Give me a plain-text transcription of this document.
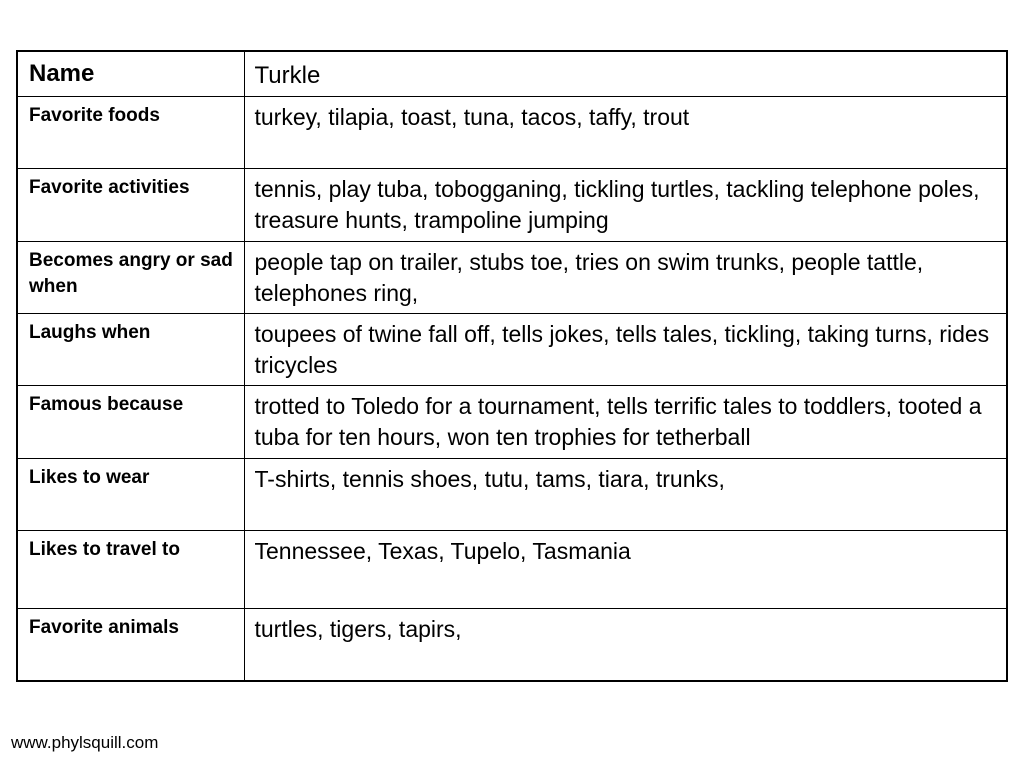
Name	Turkle
Favorite foods	turkey, tilapia, toast, tuna, tacos, taffy, trout
Favorite activities	tennis, play tuba, tobogganing, tickling turtles, tackling telephone poles, treasure hunts, trampoline jumping
Becomes angry or sad when	people tap on trailer, stubs toe, tries on swim trunks, people tattle, telephones ring,
Laughs when	toupees of twine fall off, tells jokes, tells tales, tickling, taking turns, rides tricycles
Famous because	trotted to Toledo for a tournament, tells terrific tales to toddlers, tooted a tuba for ten hours, won ten trophies for tetherball
Likes to wear	T-shirts, tennis shoes, tutu, tams, tiara, trunks,
Likes to travel to	Tennessee, Texas, Tupelo, Tasmania
Favorite animals	turtles, tigers, tapirs,
www.phylsquill.com
